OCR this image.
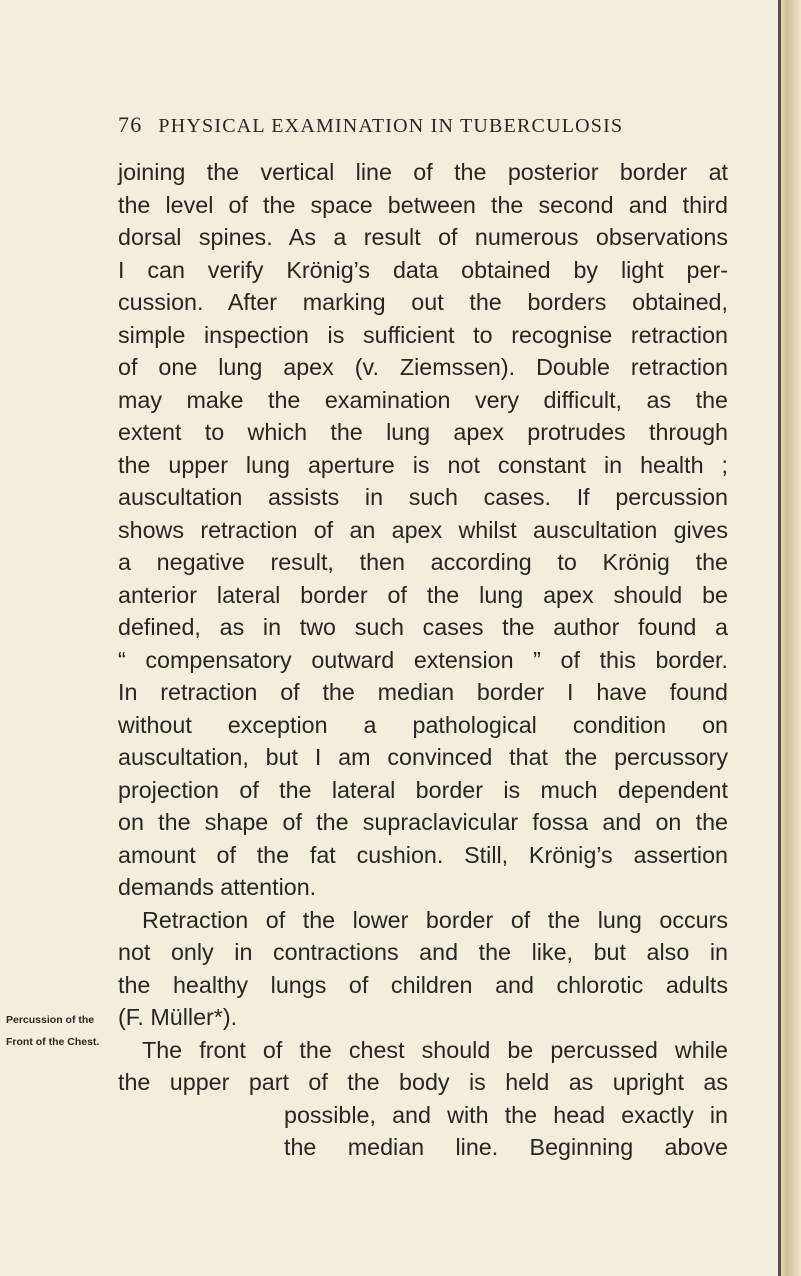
76 PHYSICAL EXAMINATION IN TUBERCULOSIS
Percussion of the
Front of the Chest.
joining the vertical line of the posterior border at
the level of the space between the second and third
dorsal spines. As a result of numerous observations
I can verify Krönig’s data obtained by light per-
cussion. After marking out the borders obtained,
simple inspection is sufficient to recognise retraction
of one lung apex (v. Ziemssen). Double retraction
may make the examination very difficult, as the
extent to which the lung apex protrudes through
the upper lung aperture is not constant in health ;
auscultation assists in such cases. If percussion
shows retraction of an apex whilst auscultation gives
a negative result, then according to Krönig the
anterior lateral border of the lung apex should be
defined, as in two such cases the author found a
“ compensatory outward extension ” of this border.
In retraction of the median border I have found
without exception a pathological condition on
auscultation, but I am convinced that the percussory
projection of the lateral border is much dependent
on the shape of the supraclavicular fossa and on the
amount of the fat cushion. Still, Krönig’s assertion
demands attention.
Retraction of the lower border of the lung occurs
not only in contractions and the like, but also in
the healthy lungs of children and chlorotic adults
(F. Müller*).
The front of the chest should be percussed while
the upper part of the body is held as upright as
possible, and with the head exactly in
the median line. Beginning above
